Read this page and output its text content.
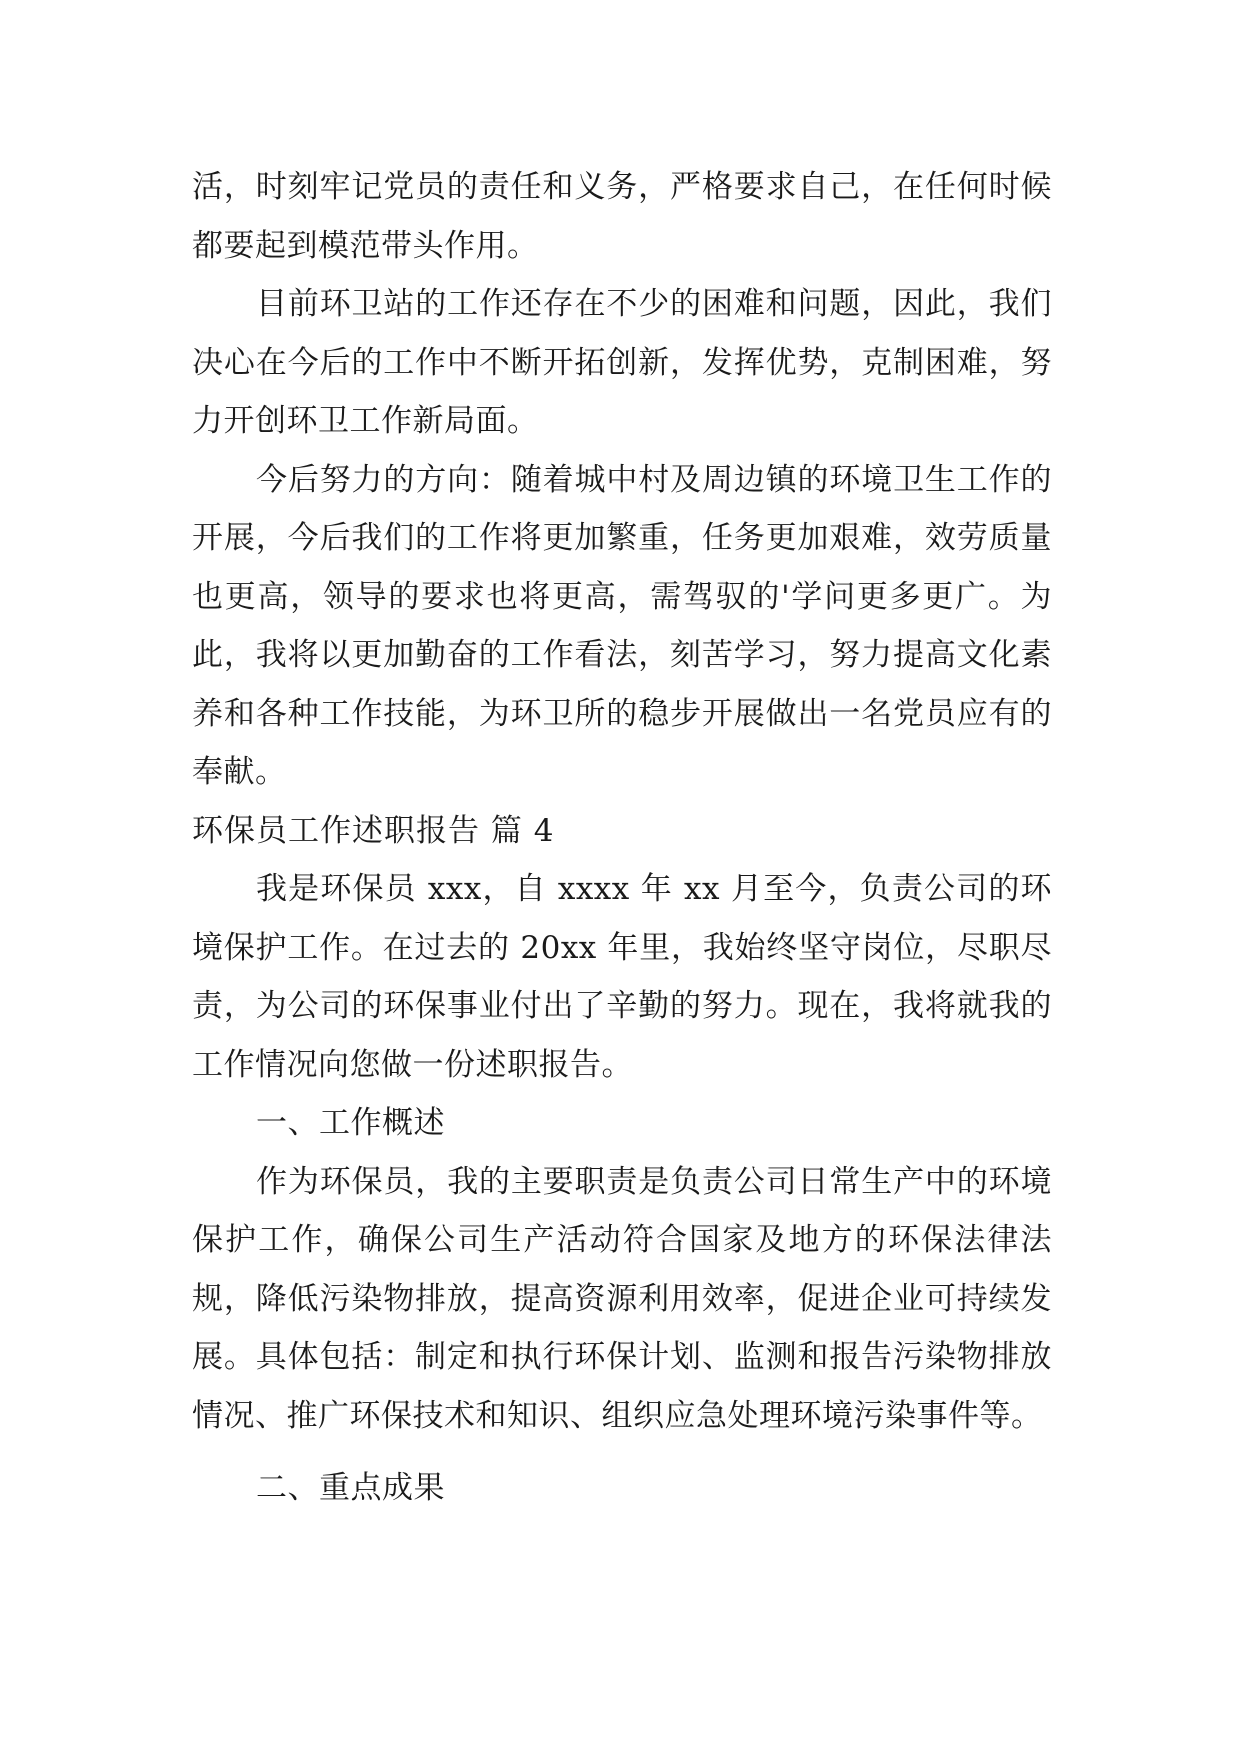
活，时刻牢记党员的责任和义务，严格要求自己，在任何时候都要起到模范带头作用。

目前环卫站的工作还存在不少的困难和问题，因此，我们决心在今后的工作中不断开拓创新，发挥优势，克制困难，努力开创环卫工作新局面。

今后努力的方向：随着城中村及周边镇的环境卫生工作的开展，今后我们的工作将更加繁重，任务更加艰难，效劳质量也更高，领导的要求也将更高，需驾驭的'学问更多更广。为此，我将以更加勤奋的工作看法，刻苦学习，努力提高文化素养和各种工作技能，为环卫所的稳步开展做出一名党员应有的奉献。

环保员工作述职报告 篇 4

我是环保员 xxx，自 xxxx 年 xx 月至今，负责公司的环境保护工作。在过去的 20xx 年里，我始终坚守岗位，尽职尽责，为公司的环保事业付出了辛勤的努力。现在，我将就我的工作情况向您做一份述职报告。

一、工作概述

作为环保员，我的主要职责是负责公司日常生产中的环境保护工作，确保公司生产活动符合国家及地方的环保法律法规，降低污染物排放，提高资源利用效率，促进企业可持续发展。具体包括：制定和执行环保计划、监测和报告污染物排放情况、推广环保技术和知识、组织应急处理环境污染事件等。

二、重点成果
